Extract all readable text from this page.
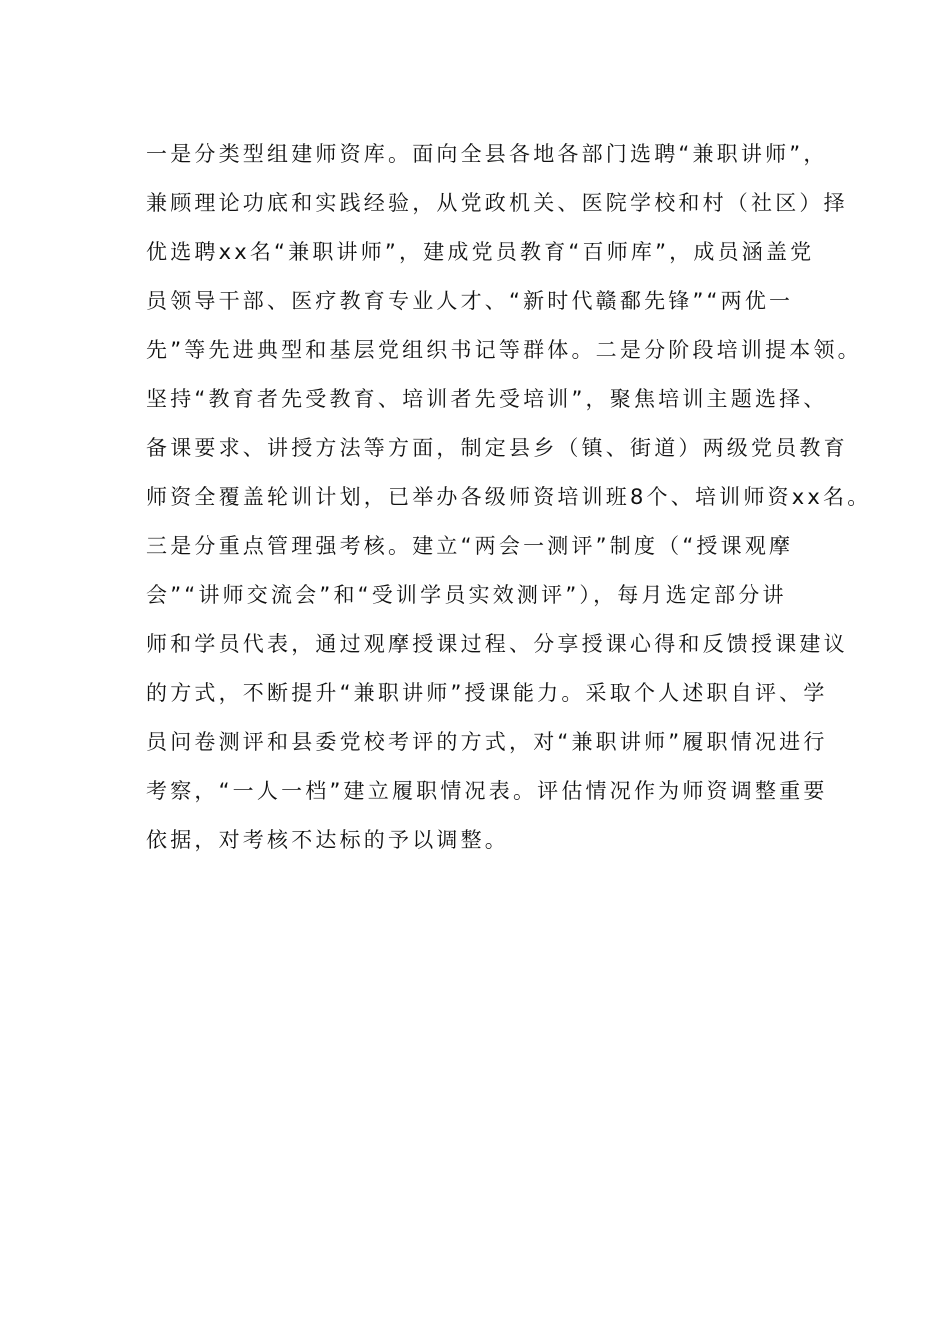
一是分类型组建师资库。面向全县各地各部门选聘“兼职讲师”，
兼顾理论功底和实践经验，从党政机关、医院学校和村（社区）择
优选聘xx名“兼职讲师”，建成党员教育“百师库”，成员涵盖党
员领导干部、医疗教育专业人才、“新时代赣鄱先锋”“两优一
先”等先进典型和基层党组织书记等群体。二是分阶段培训提本领。
坚持“教育者先受教育、培训者先受培训”，聚焦培训主题选择、
备课要求、讲授方法等方面，制定县乡（镇、街道）两级党员教育
师资全覆盖轮训计划，已举办各级师资培训班8个、培训师资xx名。
三是分重点管理强考核。建立“两会一测评”制度（“授课观摩
会”“讲师交流会”和“受训学员实效测评”），每月选定部分讲
师和学员代表，通过观摩授课过程、分享授课心得和反馈授课建议
的方式，不断提升“兼职讲师”授课能力。采取个人述职自评、学
员问卷测评和县委党校考评的方式，对“兼职讲师”履职情况进行
考察，“一人一档”建立履职情况表。评估情况作为师资调整重要
依据，对考核不达标的予以调整。
